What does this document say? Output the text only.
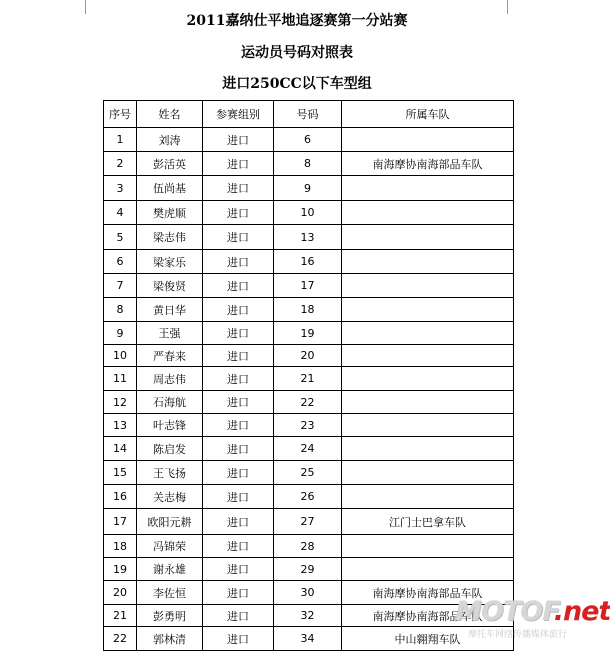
2011嘉纳仕平地追逐赛第一分站赛
运动员号码对照表
进口250CC以下车型组
序号	姓名	参赛组别	号码	所属车队
1	刘涛	进口	6	
2	彭活英	进口	8	南海摩协南海部品车队
3	伍尚基	进口	9	
4	樊虎顺	进口	10	
5	梁志伟	进口	13	
6	梁家乐	进口	16	
7	梁俊贤	进口	17	
8	黄日华	进口	18	
9	王强	进口	19	
10	严春来	进口	20	
11	周志伟	进口	21	
12	石海航	进口	22	
13	叶志锋	进口	23	
14	陈启发	进口	24	
15	王飞扬	进口	25	
16	关志梅	进口	26	
17	欧阳元耕	进口	27	江门士巴拿车队
18	冯锦荣	进口	28	
19	谢永雄	进口	29	
20	李佐恒	进口	30	南海摩协南海部品车队
21	彭勇明	进口	32	南海摩协南海部品车队
22	郭林清	进口	34	中山翱翔车队
MOTOF.net
摩托车网络传播媒体旅行
